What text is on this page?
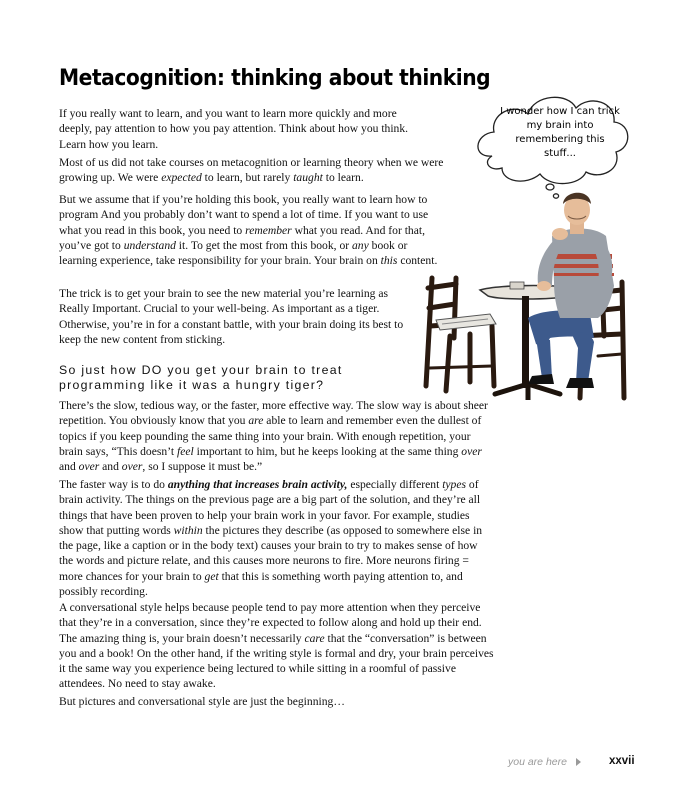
Metacognition: thinking about thinking

If you really want to learn, and you want to learn more quickly and more deeply, pay attention to how you pay attention. Think about how you think. Learn how you learn.

Most of us did not take courses on metacognition or learning theory when we were growing up. We were expected to learn, but rarely taught to learn.

But we assume that if you’re holding this book, you really want to learn how to program And you probably don’t want to spend a lot of time. If you want to use what you read in this book, you need to remember what you read. And for that, you’ve got to understand it. To get the most from this book, or any book or learning experience, take responsibility for your brain. Your brain on this content.

The trick is to get your brain to see the new material you’re learning as Really Important. Crucial to your well-being. As important as a tiger. Otherwise, you’re in for a constant battle, with your brain doing its best to keep the new content from sticking.

So just how DO you get your brain to treat programming like it was a hungry tiger?

There’s the slow, tedious way, or the faster, more effective way. The slow way is about sheer repetition. You obviously know that you are able to learn and remember even the dullest of topics if you keep pounding the same thing into your brain. With enough repetition, your brain says, “This doesn’t feel important to him, but he keeps looking at the same thing over and over and over, so I suppose it must be.”

The faster way is to do anything that increases brain activity, especially different types of brain activity. The things on the previous page are a big part of the solution, and they’re all things that have been proven to help your brain work in your favor. For example, studies show that putting words within the pictures they describe (as opposed to somewhere else in the page, like a caption or in the body text) causes your brain to try to makes sense of how the words and picture relate, and this causes more neurons to fire. More neurons firing = more chances for your brain to get that this is something worth paying attention to, and possibly recording.

A conversational style helps because people tend to pay more attention when they perceive that they’re in a conversation, since they’re expected to follow along and hold up their end. The amazing thing is, your brain doesn’t necessarily care that the “conversation” is between you and a book! On the other hand, if the writing style is formal and dry, your brain perceives it the same way you experience being lectured to while sitting in a roomful of passive attendees. No need to stay awake.

But pictures and conversational style are just the beginning…

I wonder how I can trick my brain into remembering this stuff...
you are here	xxvii
